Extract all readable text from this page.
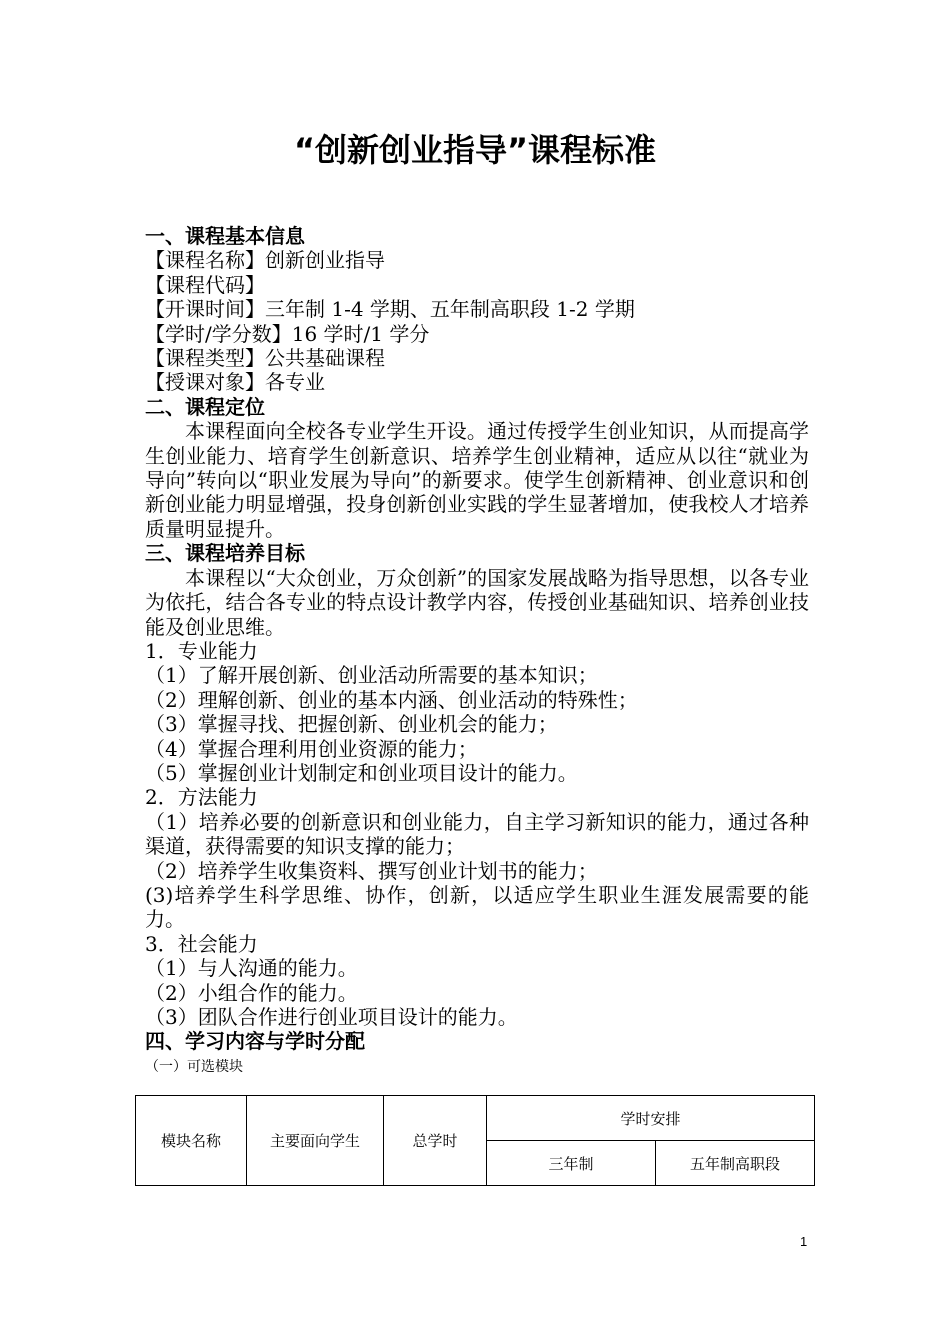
“创新创业指导”课程标准
一、课程基本信息
【课程名称】创新创业指导
【课程代码】
【开课时间】三年制 1-4 学期、五年制高职段 1-2 学期
【学时/学分数】16 学时/1 学分
【课程类型】公共基础课程
【授课对象】各专业
二、课程定位
本课程面向全校各专业学生开设。通过传授学生创业知识，从而提高学生创业能力、培育学生创新意识、培养学生创业精神，适应从以往“就业为导向”转向以“职业发展为导向”的新要求。使学生创新精神、创业意识和创新创业能力明显增强，投身创新创业实践的学生显著增加，使我校人才培养质量明显提升。
三、课程培养目标
本课程以“大众创业，万众创新”的国家发展战略为指导思想，以各专业为依托，结合各专业的特点设计教学内容，传授创业基础知识、培养创业技能及创业思维。
1．专业能力
（1）了解开展创新、创业活动所需要的基本知识；
（2）理解创新、创业的基本内涵、创业活动的特殊性；
（3）掌握寻找、把握创新、创业机会的能力；
（4）掌握合理利用创业资源的能力；
（5）掌握创业计划制定和创业项目设计的能力。
2．方法能力
（1）培养必要的创新意识和创业能力，自主学习新知识的能力，通过各种渠道，获得需要的知识支撑的能力；
（2）培养学生收集资料、撰写创业计划书的能力；
(3)培养学生科学思维、协作，创新，以适应学生职业生涯发展需要的能力。
3．社会能力
（1）与人沟通的能力。
（2）小组合作的能力。
（3）团队合作进行创业项目设计的能力。
四、学习内容与学时分配
（一）可选模块
模块名称	主要面向学生	总学时	学时安排	
			三年制	五年制高职段
1
